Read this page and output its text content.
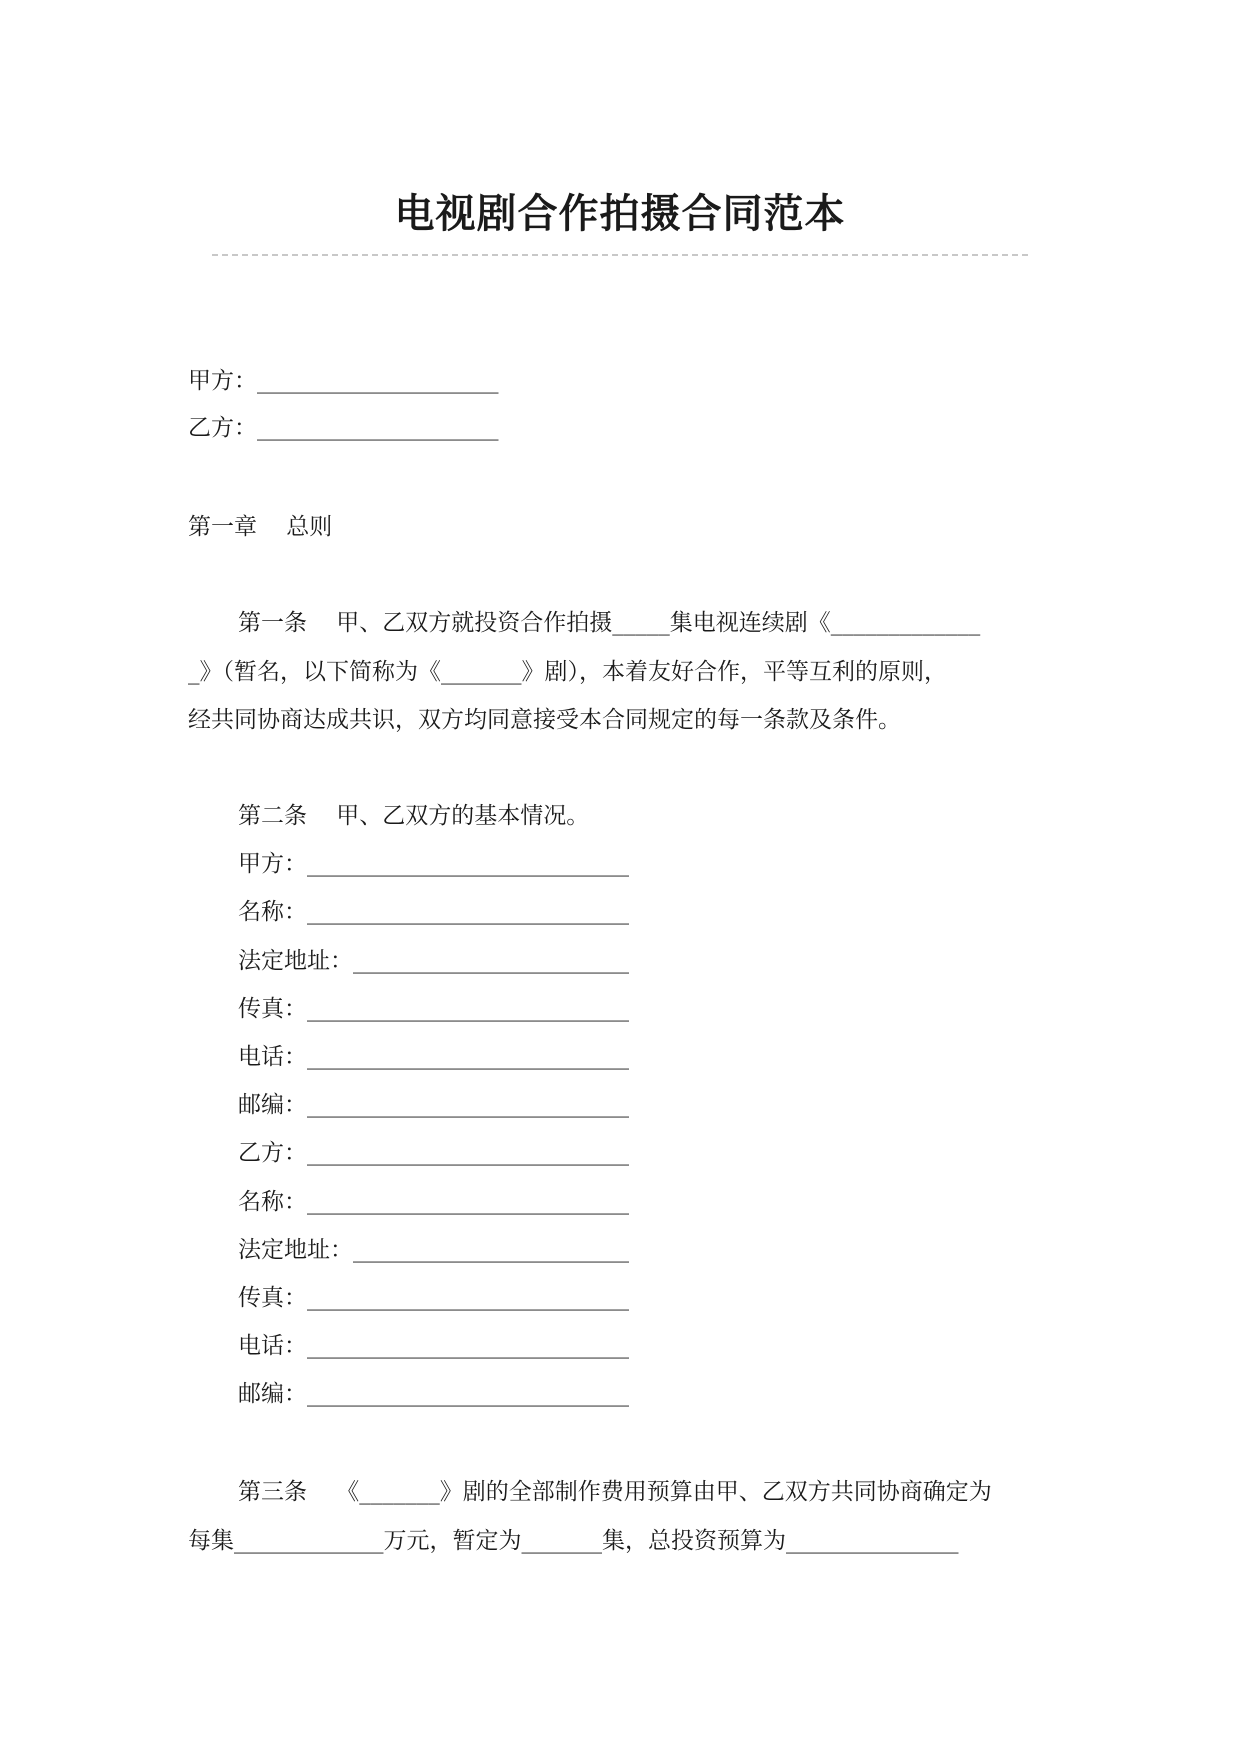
电视剧合作拍摄合同范本
甲方：_____________________
乙方：_____________________
第一章    总则
第一条    甲、乙双方就投资合作拍摄_____集电视连续剧《_____________
_》（暂名，以下简称为《_______》剧），本着友好合作，平等互利的原则，
经共同协商达成共识，双方均同意接受本合同规定的每一条款及条件。
第二条    甲、乙双方的基本情况。
甲方：____________________________
名称：____________________________
法定地址：________________________
传真：____________________________
电话：____________________________
邮编：____________________________
乙方：____________________________
名称：____________________________
法定地址：________________________
传真：____________________________
电话：____________________________
邮编：____________________________
第三条    《_______》剧的全部制作费用预算由甲、乙双方共同协商确定为
每集_____________万元，暂定为_______集，总投资预算为_______________
